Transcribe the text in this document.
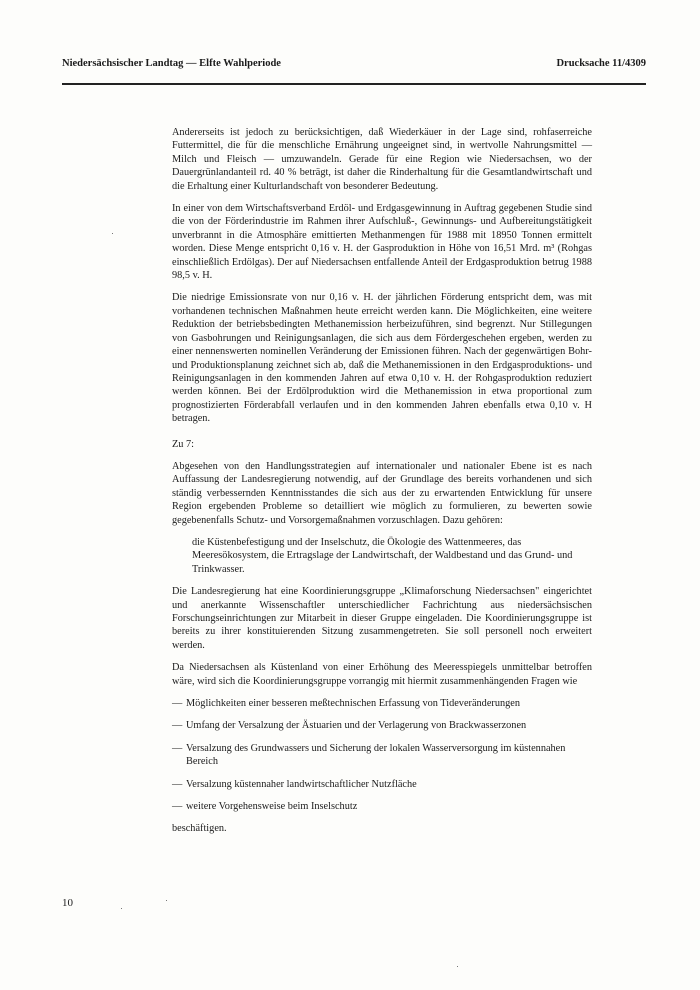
Niedersächsischer Landtag — Elfte Wahlperiode	Drucksache 11/4309

Andererseits ist jedoch zu berücksichtigen, daß Wiederkäuer in der Lage sind, rohfaserreiche Futtermittel, die für die menschliche Ernährung ungeeignet sind, in wertvolle Nahrungsmittel — Milch und Fleisch — umzuwandeln. Gerade für eine Region wie Niedersachsen, wo der Dauergrünlandanteil rd. 40 % beträgt, ist daher die Rinderhaltung für die Gesamtlandwirtschaft und die Erhaltung einer Kulturlandschaft von besonderer Bedeutung.

In einer von dem Wirtschaftsverband Erdöl- und Erdgasgewinnung in Auftrag gegebenen Studie sind die von der Förderindustrie im Rahmen ihrer Aufschluß-, Gewinnungs- und Aufbereitungstätigkeit unverbrannt in die Atmosphäre emittierten Methanmengen für 1988 mit 18950 Tonnen ermittelt worden. Diese Menge entspricht 0,16 v. H. der Gasproduktion in Höhe von 16,51 Mrd. m³ (Rohgas einschließlich Erdölgas). Der auf Niedersachsen entfallende Anteil der Erdgasproduktion betrug 1988 98,5 v. H.

Die niedrige Emissionsrate von nur 0,16 v. H. der jährlichen Förderung entspricht dem, was mit vorhandenen technischen Maßnahmen heute erreicht werden kann. Die Möglichkeiten, eine weitere Reduktion der betriebsbedingten Methanemission herbeizuführen, sind begrenzt. Nur Stillegungen von Gasbohrungen und Reinigungsanlagen, die sich aus dem Fördergeschehen ergeben, werden zu einer nennenswerten nominellen Veränderung der Emissionen führen. Nach der gegenwärtigen Bohr- und Produktionsplanung zeichnet sich ab, daß die Methanemissionen in den Erdgasproduktions- und Reinigungsanlagen in den kommenden Jahren auf etwa 0,10 v. H. der Rohgasproduktion reduziert werden können. Bei der Erdölproduktion wird die Methanemission in etwa proportional zum prognostizierten Förderabfall verlaufen und in den kommenden Jahren ebenfalls etwa 0,10 v. H betragen.

Zu 7:

Abgesehen von den Handlungsstrategien auf internationaler und nationaler Ebene ist es nach Auffassung der Landesregierung notwendig, auf der Grundlage des bereits vorhandenen und sich ständig verbessernden Kenntnisstandes die sich aus der zu erwartenden Entwicklung für unsere Region ergebenden Probleme so detailliert wie möglich zu formulieren, zu bewerten sowie gegebenenfalls Schutz- und Vorsorgemaßnahmen vorzuschlagen. Dazu gehören:

die Küstenbefestigung und der Inselschutz, die Ökologie des Wattenmeeres, das Meeresökosystem, die Ertragslage der Landwirtschaft, der Waldbestand und das Grund- und Trinkwasser.

Die Landesregierung hat eine Koordinierungsgruppe „Klimaforschung Niedersachsen" eingerichtet und anerkannte Wissenschaftler unterschiedlicher Fachrichtung aus niedersächsischen Forschungseinrichtungen zur Mitarbeit in dieser Gruppe eingeladen. Die Koordinierungsgruppe ist bereits zu ihrer konstituierenden Sitzung zusammengetreten. Sie soll personell noch erweitert werden.

Da Niedersachsen als Küstenland von einer Erhöhung des Meeresspiegels unmittelbar betroffen wäre, wird sich die Koordinierungsgruppe vorrangig mit hiermit zusammenhängenden Fragen wie

— Möglichkeiten einer besseren meßtechnischen Erfassung von Tideveränderungen
— Umfang der Versalzung der Ästuarien und der Verlagerung von Brackwasserzonen
— Versalzung des Grundwassers und Sicherung der lokalen Wasserversorgung im küstennahen Bereich
— Versalzung küstennaher landwirtschaftlicher Nutzfläche
— weitere Vorgehensweise beim Inselschutz

beschäftigen.

10
